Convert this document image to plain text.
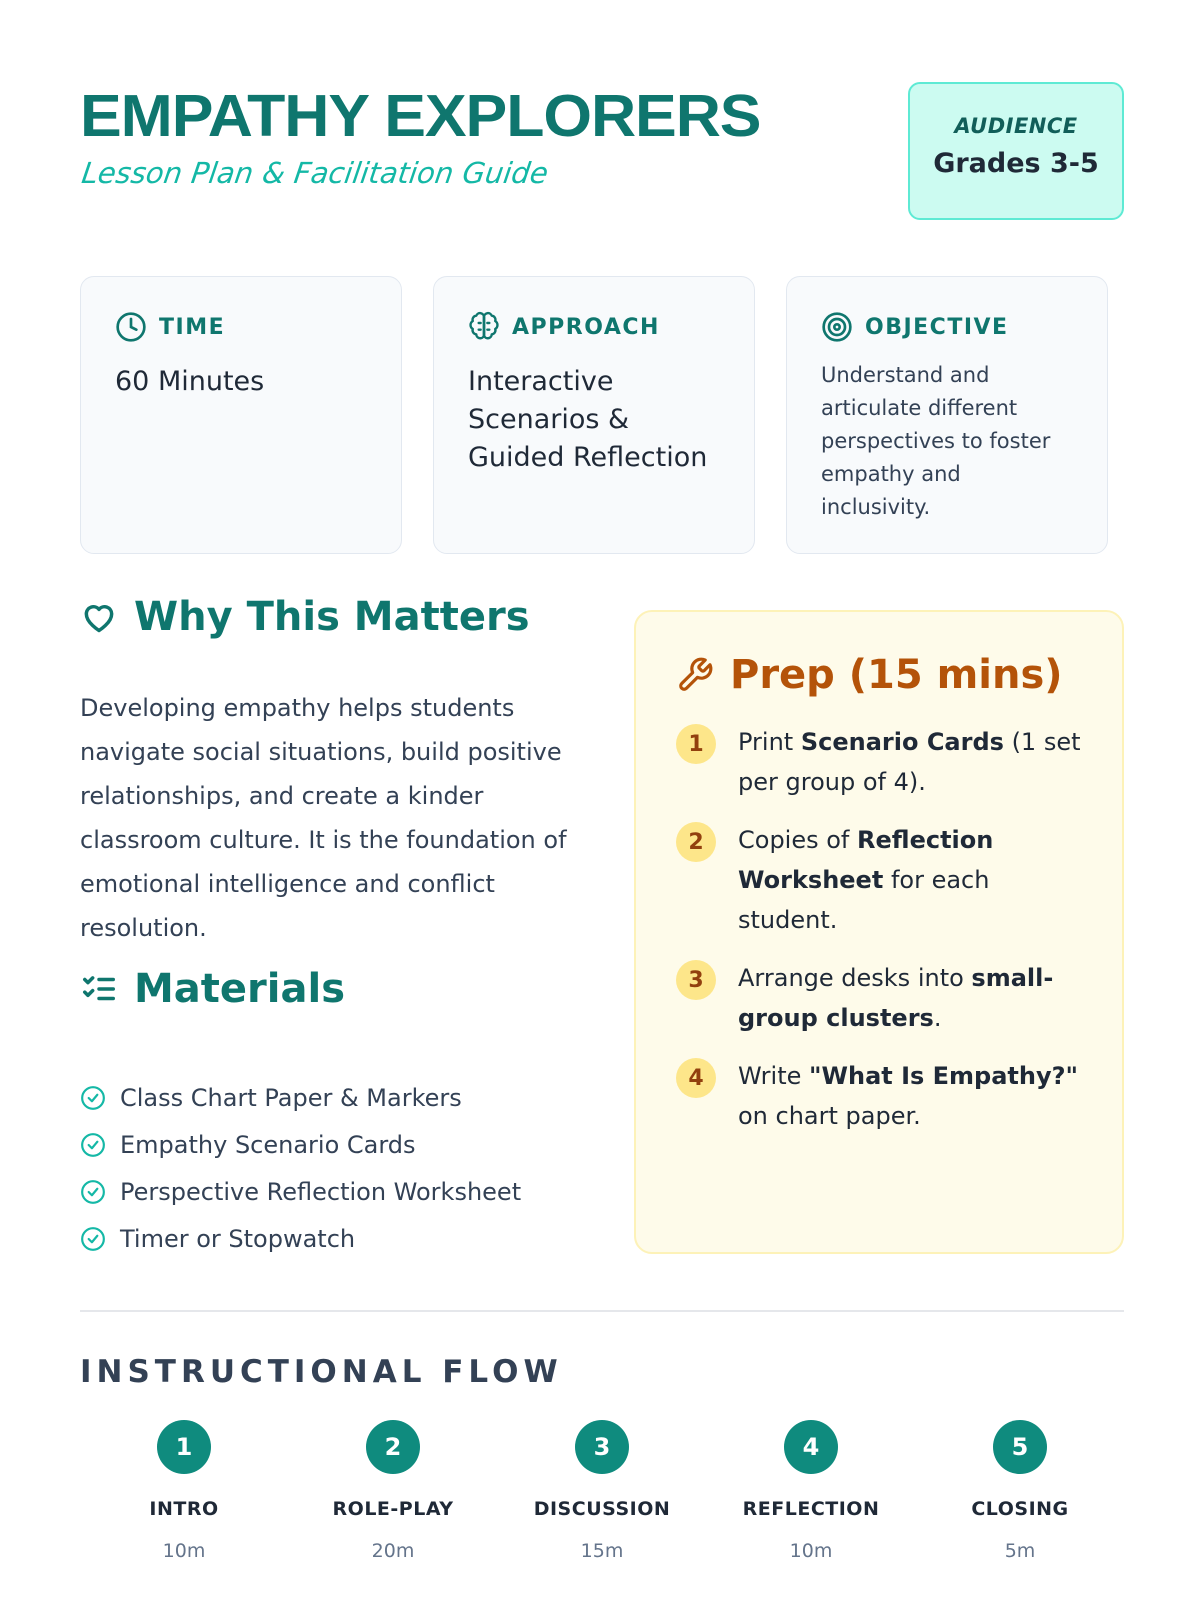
EMPATHY EXPLORERS
Lesson Plan & Facilitation Guide
AUDIENCE
Grades 3-5
TIME
60 Minutes
APPROACH
Interactive Scenarios & Guided Reflection
OBJECTIVE
Understand and articulate different perspectives to foster empathy and inclusivity.
Why This Matters

Developing empathy helps students navigate social situations, build positive relationships, and create a kinder classroom culture. It is the foundation of emotional intelligence and conflict resolution.

Materials
Class Chart Paper & Markers
Empathy Scenario Cards
Perspective Reflection Worksheet
Timer or Stopwatch
Prep (15 mins)
1	Print Scenario Cards (1 set per group of 4).
2	Copies of Reflection Worksheet for each student.
3	Arrange desks into small-group clusters.
4	Write "What Is Empathy?" on chart paper.
INSTRUCTIONAL FLOW
1
INTRO
10m
2
ROLE-PLAY
20m
3
DISCUSSION
15m
4
REFLECTION
10m
5
CLOSING
5m
